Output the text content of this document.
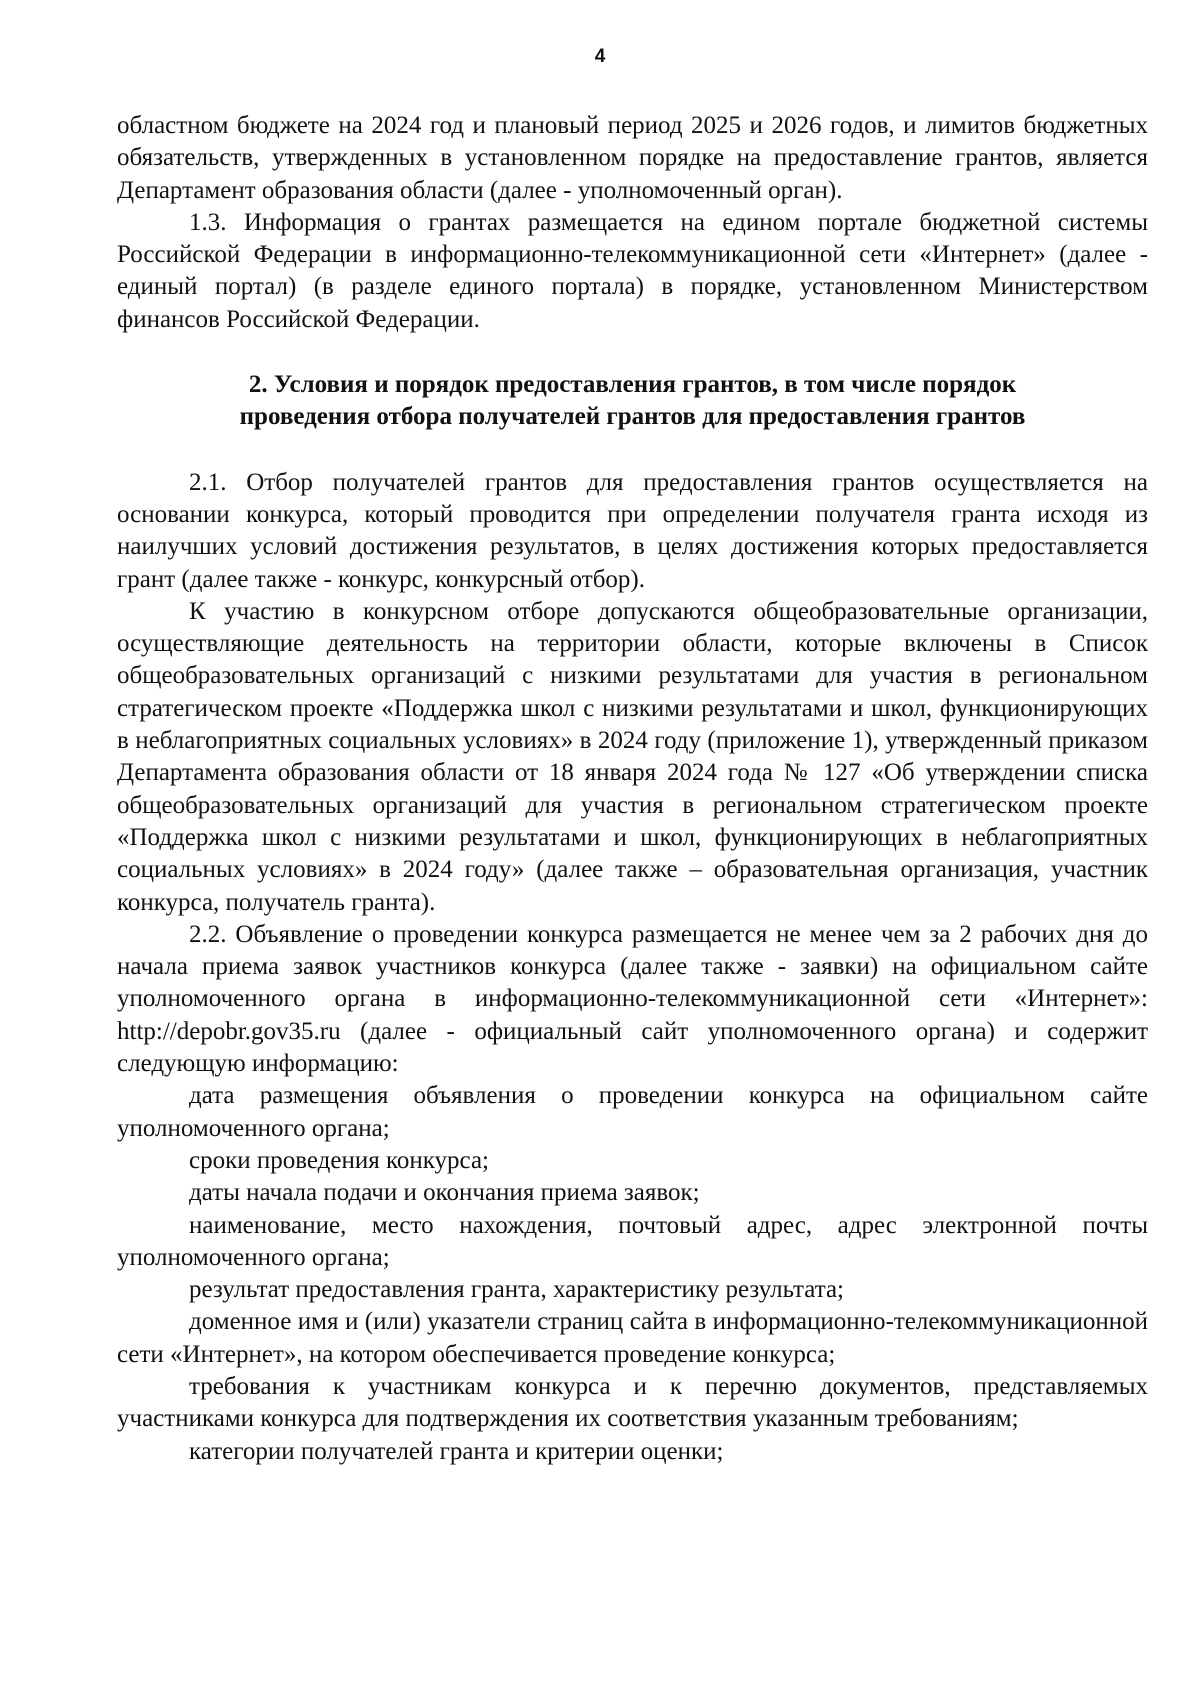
4

областном бюджете на 2024 год и плановый период 2025 и 2026 годов, и лимитов бюджетных обязательств, утвержденных в установленном порядке на предоставление грантов, является Департамент образования области (далее - уполномоченный орган).

1.3. Информация о грантах размещается на едином портале бюджетной системы Российской Федерации в информационно-телекоммуникационной сети «Интернет» (далее - единый портал) (в разделе единого портала) в порядке, установленном Министерством финансов Российской Федерации.

2. Условия и порядок предоставления грантов, в том числе порядок
проведения отбора получателей грантов для предоставления грантов

2.1. Отбор получателей грантов для предоставления грантов осуществляется на основании конкурса, который проводится при определении получателя гранта исходя из наилучших условий достижения результатов, в целях достижения которых предоставляется грант (далее также - конкурс, конкурсный отбор).

К участию в конкурсном отборе допускаются общеобразовательные организации, осуществляющие деятельность на территории области, которые включены в Список общеобразовательных организаций с низкими результатами для участия в региональном стратегическом проекте «Поддержка школ с низкими результатами и школ, функционирующих в неблагоприятных социальных условиях» в 2024 году (приложение 1), утвержденный приказом Департамента образования области от 18 января 2024 года № 127 «Об утверждении списка общеобразовательных организаций для участия в региональном стратегическом проекте «Поддержка школ с низкими результатами и школ, функционирующих в неблагоприятных социальных условиях» в 2024 году» (далее также – образовательная организация, участник конкурса, получатель гранта).

2.2. Объявление о проведении конкурса размещается не менее чем за 2 рабочих дня до начала приема заявок участников конкурса (далее также - заявки) на официальном сайте уполномоченного органа в информационно-телекоммуникационной сети «Интернет»: http://depobr.gov35.ru (далее - официальный сайт уполномоченного органа) и содержит следующую информацию:

дата размещения объявления о проведении конкурса на официальном сайте уполномоченного органа;

сроки проведения конкурса;

даты начала подачи и окончания приема заявок;

наименование, место нахождения, почтовый адрес, адрес электронной почты уполномоченного органа;

результат предоставления гранта, характеристику результата;

доменное имя и (или) указатели страниц сайта в информационно-телекоммуникационной сети «Интернет», на котором обеспечивается проведение конкурса;

требования к участникам конкурса и к перечню документов, представляемых участниками конкурса для подтверждения их соответствия указанным требованиям;

категории получателей гранта и критерии оценки;
